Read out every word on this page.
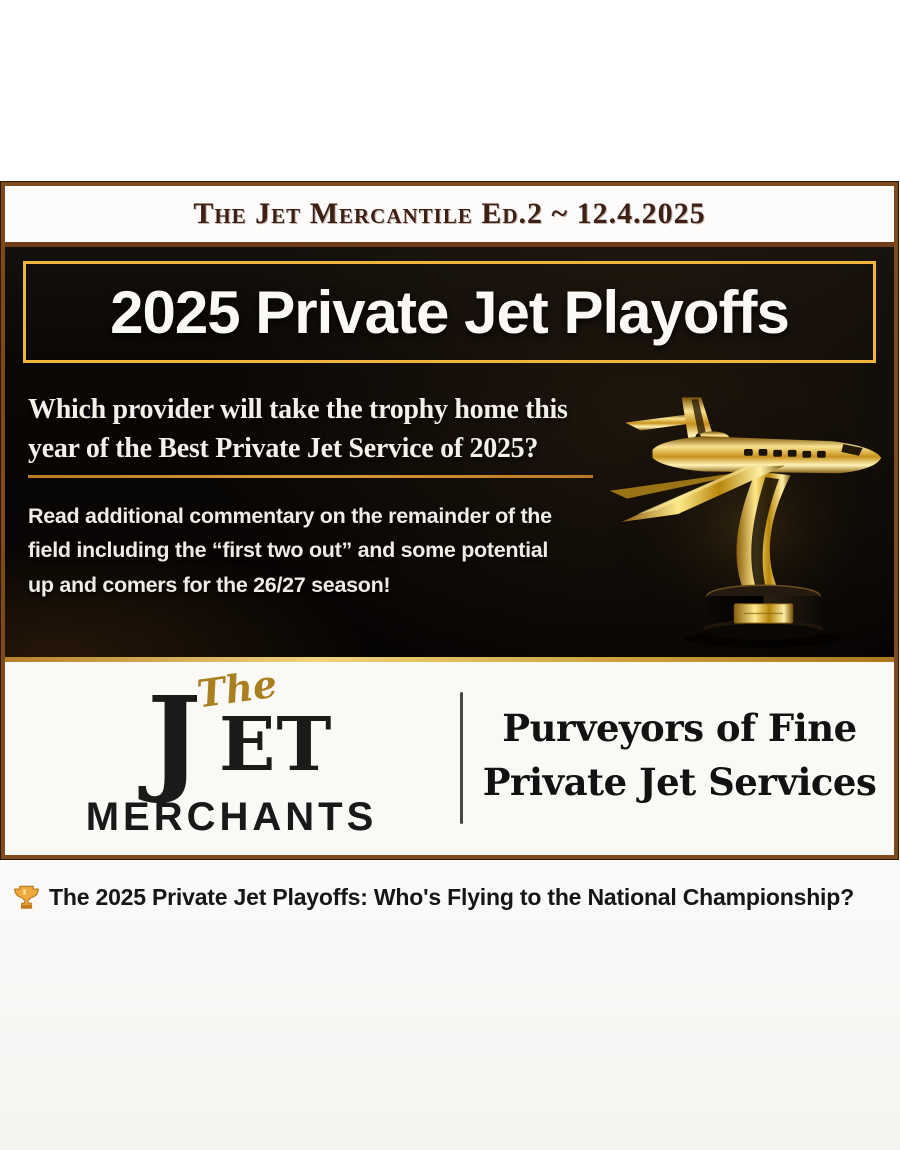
The Jet Mercantile Ed.2 ~ 12.4.2025
2025 Private Jet Playoffs
Which provider will take the trophy home this
year of the Best Private Jet Service of 2025?
Read additional commentary on the remainder of the
field including the “first two out” and some potential
up and comers for the 26/27 season!
The
J ET
MERCHANTS
Purveyors of Fine
Private Jet Services
The 2025 Private Jet Playoffs: Who's Flying to the National Championship?
